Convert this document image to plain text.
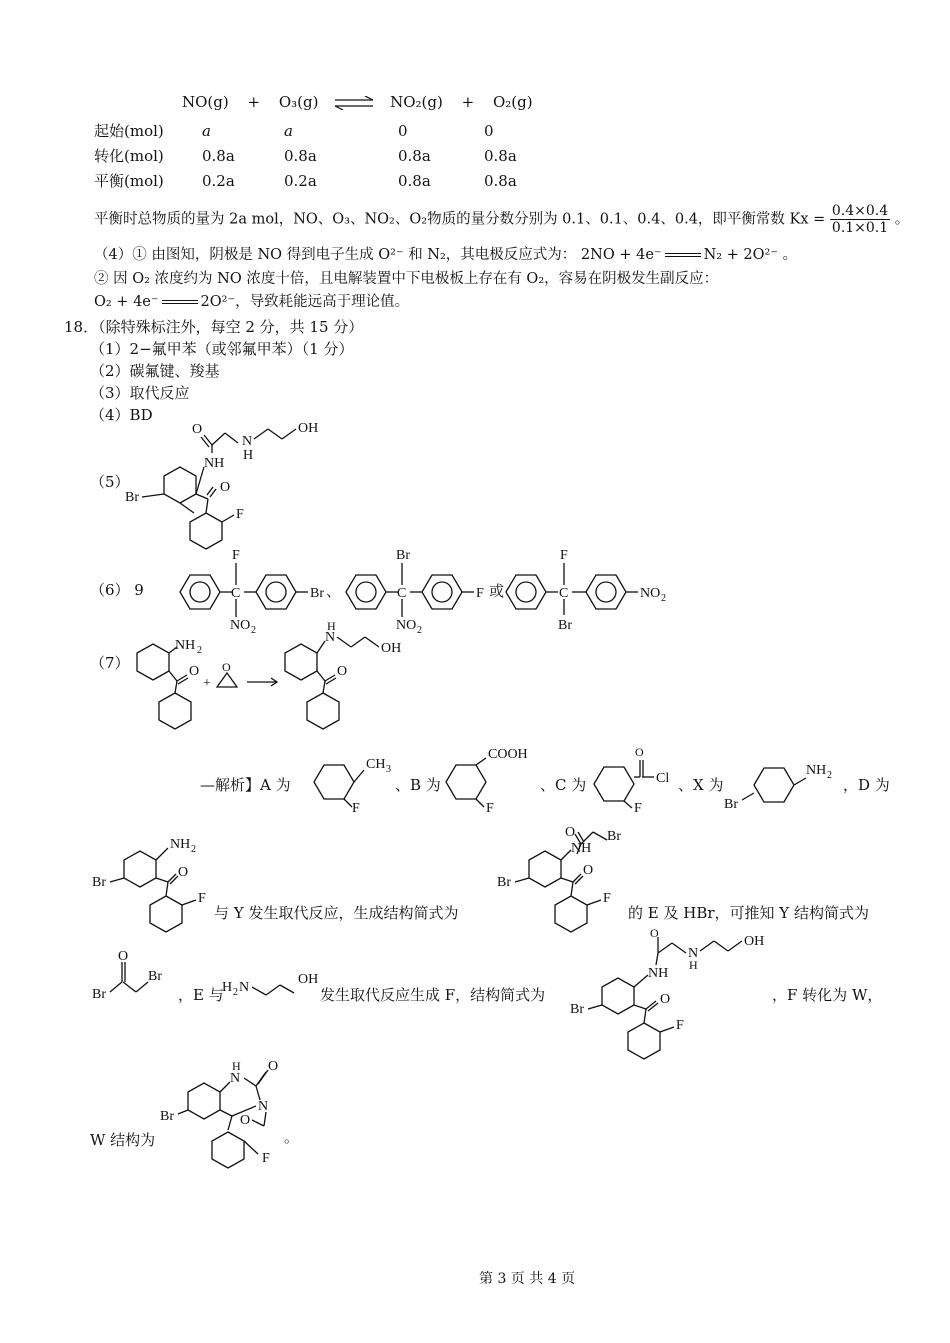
NO(g) + O₃(g) ⇌ NO₂(g) + O₂(g)
起始(mol)	a	a	0	0
转化(mol)	0.8a	0.8a	0.8a	0.8a
平衡(mol)	0.2a	0.2a	0.8a	0.8a
平衡时总物质的量为 2a mol，NO、O₃、NO₂、O₂物质的量分数分别为 0.1、0.1、0.4、0.4，即平衡常数 $Kx = \frac{0.4\times 0.4}{0.1\times 0.1}$ 。
（4）① 由图知，阴极是 NO 得到电子生成 O²⁻ 和 N₂，其电极反应式为： 2NO + 4e⁻	N₂ + 2O²⁻ 。
② 因 O₂ 浓度约为 NO 浓度十倍，且电解装置中下电极板上存在有 O₂，容易在阴极发生副反应：
O₂ + 4e⁻	2O²⁻，导致耗能远高于理论值。
18．（除特殊标注外，每空 2 分，共 15 分）
（1）2−氟甲苯（或邻氟甲苯）（1 分）
（2）碳氟键、羧基
（3）取代反应
（4）BD
（5）
（6） 9
（7）
O
N
H
OH
NH
Br
O
F
F
C
NO 2
Br 、
Br
C
NO 2
F 或
F
C
Br
NO 2
NH 2
O
+
O
N
H
OH
O
—解析】A 为
CH 3
F
、B 为
COOH
F
、C 为
O
Cl
F
、X 为
Br
NH 2
，D 为
Br
NH 2
O
F
与 Y 发生取代反应，生成结构简式为
O Br
NH
Br
O
F
的 E 及 HBr，可推知 Y 结构简式为
Br
O
Br
，E 与
H 2 N
OH
发生取代反应生成 F，结构简式为
O
N
H
OH
NH
Br
O
F
，F 转化为 W，
W 结构为
Br
N
H O
N
O
F
。
第 3 页 共 4 页
